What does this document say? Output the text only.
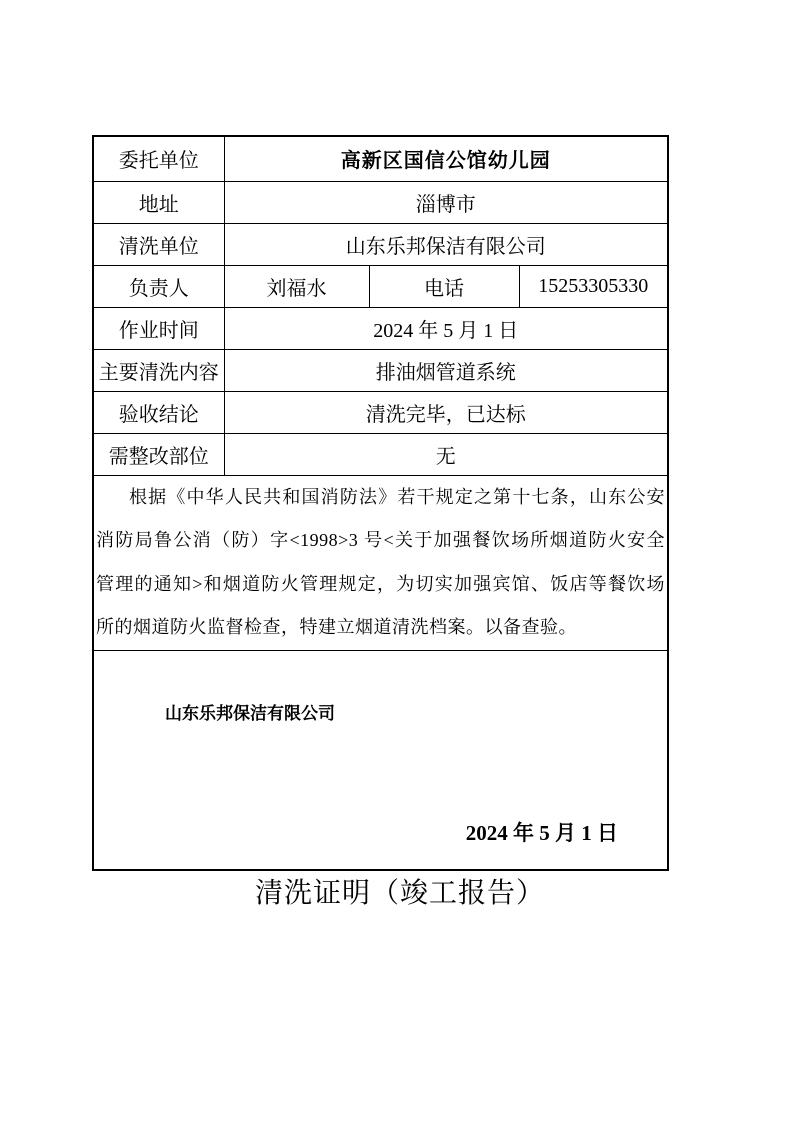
委托单位	高新区国信公馆幼儿园		
地址	淄博市		
清洗单位	山东乐邦保洁有限公司		
负责人	刘福水	电话	15253305330
作业时间	2024 年 5 月 1 日		
主要清洗内容	排油烟管道系统		
验收结论	清洗完毕，已达标		
需整改部位	无		

根据《中华人民共和国消防法》若干规定之第十七条，山东公安
消防局鲁公消（防）字<1998>3 号<关于加强餐饮场所烟道防火安全
管理的通知>和烟道防火管理规定，为切实加强宾馆、饭店等餐饮场
所的烟道防火监督检查，特建立烟道清洗档案。以备查验。			

山东乐邦保洁有限公司
2024 年 5 月 1 日			
清洗证明（竣工报告）
